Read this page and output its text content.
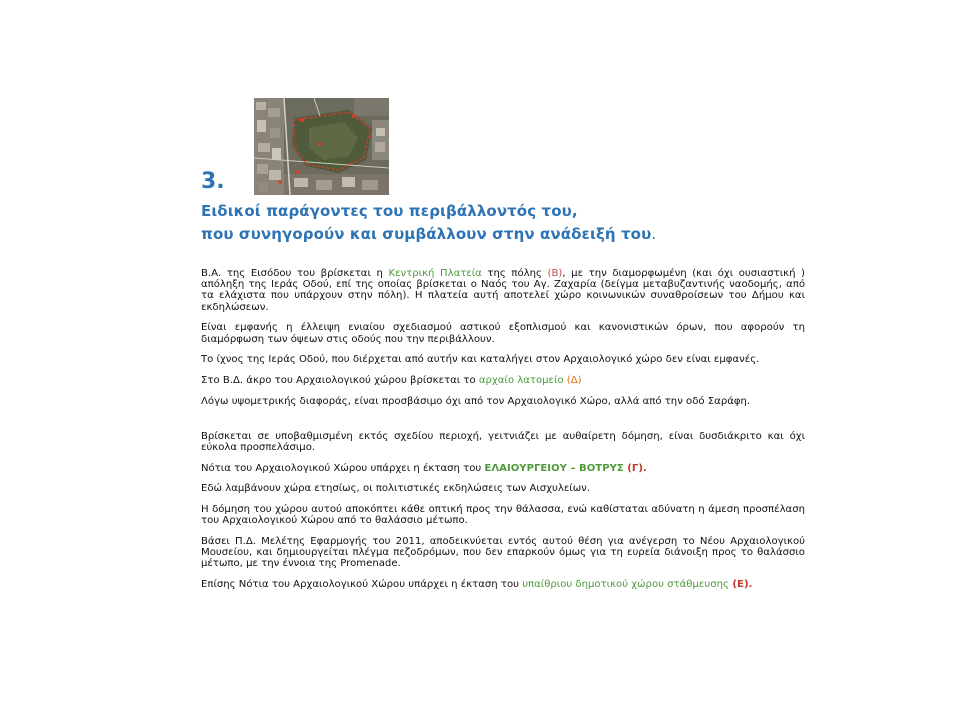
3.
Ειδικοί παράγοντες του περιβάλλοντός του,
που συνηγορούν και συμβάλλουν στην ανάδειξή του.

Β.Α. της Εισόδου του βρίσκεται η Κεντρική Πλατεία της πόλης (Β), με την διαμορφωμένη (και όχι ουσιαστική ) απόληξη της Ιεράς Οδού, επί της οποίας βρίσκεται ο Ναός του Αγ. Ζαχαρία (δείγμα μεταβυζαντινής ναοδομής, από τα ελάχιστα που υπάρχουν στην πόλη). Η πλατεία αυτή αποτελεί χώρο κοινωνικών συναθροίσεων του Δήμου και εκδηλώσεων.

Είναι εμφανής η έλλειψη ενιαίου σχεδιασμού αστικού εξοπλισμού και κανονιστικών όρων, που αφορούν τη διαμόρφωση των όψεων στις οδούς που την περιβάλλουν.

Το ίχνος της Ιεράς Οδού, που διέρχεται από αυτήν και καταλήγει στον Αρχαιολογικό χώρο δεν είναι εμφανές.

Στο Β.Δ. άκρο του Αρχαιολογικού χώρου βρίσκεται το αρχαίο λατομείο (Δ)

Λόγω υψομετρικής διαφοράς, είναι προσβάσιμο όχι από τον Αρχαιολογικό Χώρο, αλλά από την οδό Σαράφη.

Βρίσκεται σε υποβαθμισμένη εκτός σχεδίου περιοχή, γειτνιάζει με αυθαίρετη δόμηση, είναι δυσδιάκριτο και όχι εύκολα προσπελάσιμο.

Νότια του Αρχαιολογικού Χώρου υπάρχει η έκταση του ΕΛΑΙΟΥΡΓΕΙΟΥ – ΒΟΤΡΥΣ (Γ).

Εδώ λαμβάνουν χώρα ετησίως, οι πολιτιστικές εκδηλώσεις των Αισχυλείων.

Η δόμηση του χώρου αυτού αποκόπτει κάθε οπτική προς την θάλασσα, ενώ καθίσταται αδύνατη η άμεση προσπέλαση του Αρχαιολογικού Χώρου από το θαλάσσιο μέτωπο.

Βάσει Π.Δ. Μελέτης Εφαρμογής του 2011, αποδεικνύεται εντός αυτού θέση για ανέγερση το Νέου Αρχαιολογικού Μουσείου, και δημιουργείται πλέγμα πεζοδρόμων, που δεν επαρκούν όμως για τη ευρεία διάνοιξη προς το θαλάσσιο μέτωπο, με την έννοια της Promenade.

Επίσης Νότια του Αρχαιολογικού Χώρου υπάρχει η έκταση του υπαίθριου δημοτικού χώρου στάθμευσης (Ε).
